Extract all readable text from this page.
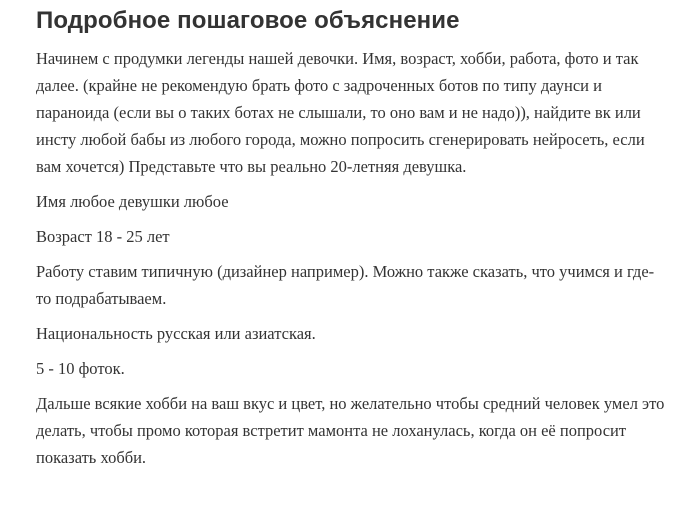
Подробное пошаговое объяснение

Начинем с продумки легенды нашей девочки. Имя, возраст, хобби, работа, фото и так далее. (крайне не рекомендую брать фото с задроченных ботов по типу даунси и параноида (если вы о таких ботах не слышали, то оно вам и не надо)), найдите вк или инсту любой бабы из любого города, можно попросить сгенерировать нейросеть, если вам хочется) Представьте что вы реально 20-летняя девушка.

Имя любое девушки любое

Возраст 18 - 25 лет

Работу ставим типичную (дизайнер например). Можно также сказать, что учимся и где-то подрабатываем.

Национальность русская или азиатская.

5 - 10 фоток.

Дальше всякие хобби на ваш вкус и цвет, но желательно чтобы средний человек умел это делать, чтобы промо которая встретит мамонта не лоханулась, когда он её попросит показать хобби.
